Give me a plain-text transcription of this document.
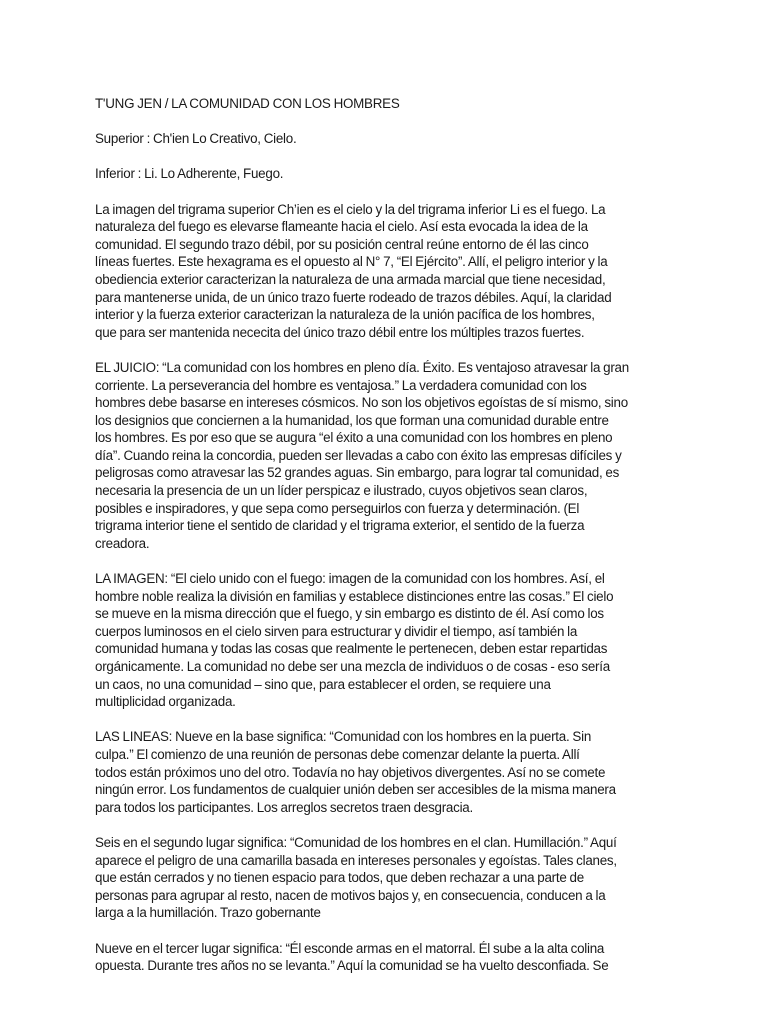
T'UNG JEN / LA COMUNIDAD CON LOS HOMBRES

Superior : Ch'ien Lo Creativo, Cielo.

Inferior : Li. Lo Adherente, Fuego.

La imagen del trigrama superior Ch’ien es el cielo y la del trigrama inferior Li es el fuego. La
naturaleza del fuego es elevarse flameante hacia el cielo. Así esta evocada la idea de la
comunidad. El segundo trazo débil, por su posición central reúne entorno de él las cinco
líneas fuertes. Este hexagrama es el opuesto al N° 7, “El Ejército”. Allí, el peligro interior y la
obediencia exterior caracterizan la naturaleza de una armada marcial que tiene necesidad,
para mantenerse unida, de un único trazo fuerte rodeado de trazos débiles. Aquí, la claridad
interior y la fuerza exterior caracterizan la naturaleza de la unión pacífica de los hombres,
que para ser mantenida nececita del único trazo débil entre los múltiples trazos fuertes.

EL JUICIO: “La comunidad con los hombres en pleno día. Éxito. Es ventajoso atravesar la gran
corriente. La perseverancia del hombre es ventajosa.” La verdadera comunidad con los
hombres debe basarse en intereses cósmicos. No son los objetivos egoístas de sí mismo, sino
los designios que conciernen a la humanidad, los que forman una comunidad durable entre
los hombres. Es por eso que se augura “el éxito a una comunidad con los hombres en pleno
día”. Cuando reina la concordia, pueden ser llevadas a cabo con éxito las empresas difíciles y
peligrosas como atravesar las 52 grandes aguas. Sin embargo, para lograr tal comunidad, es
necesaria la presencia de un un líder perspicaz e ilustrado, cuyos objetivos sean claros,
posibles e inspiradores, y que sepa como perseguirlos con fuerza y determinación. (El
trigrama interior tiene el sentido de claridad y el trigrama exterior, el sentido de la fuerza
creadora.

LA IMAGEN: “El cielo unido con el fuego: imagen de la comunidad con los hombres. Así, el
hombre noble realiza la división en familias y establece distinciones entre las cosas.” El cielo
se mueve en la misma dirección que el fuego, y sin embargo es distinto de él. Así como los
cuerpos luminosos en el cielo sirven para estructurar y dividir el tiempo, así también la
comunidad humana y todas las cosas que realmente le pertenecen, deben estar repartidas
orgánicamente. La comunidad no debe ser una mezcla de individuos o de cosas - eso sería
un caos, no una comunidad – sino que, para establecer el orden, se requiere una
multiplicidad organizada.

LAS LINEAS: Nueve en la base significa: “Comunidad con los hombres en la puerta. Sin
culpa.” El comienzo de una reunión de personas debe comenzar delante la puerta. Allí
todos están próximos uno del otro. Todavía no hay objetivos divergentes. Así no se comete
ningún error. Los fundamentos de cualquier unión deben ser accesibles de la misma manera
para todos los participantes. Los arreglos secretos traen desgracia.

Seis en el segundo lugar significa: “Comunidad de los hombres en el clan. Humillación.” Aquí
aparece el peligro de una camarilla basada en intereses personales y egoístas. Tales clanes,
que están cerrados y no tienen espacio para todos, que deben rechazar a una parte de
personas para agrupar al resto, nacen de motivos bajos y, en consecuencia, conducen a la
larga a la humillación. Trazo gobernante

Nueve en el tercer lugar significa: “Él esconde armas en el matorral. Él sube a la alta colina
opuesta. Durante tres años no se levanta.” Aquí la comunidad se ha vuelto desconfiada. Se
